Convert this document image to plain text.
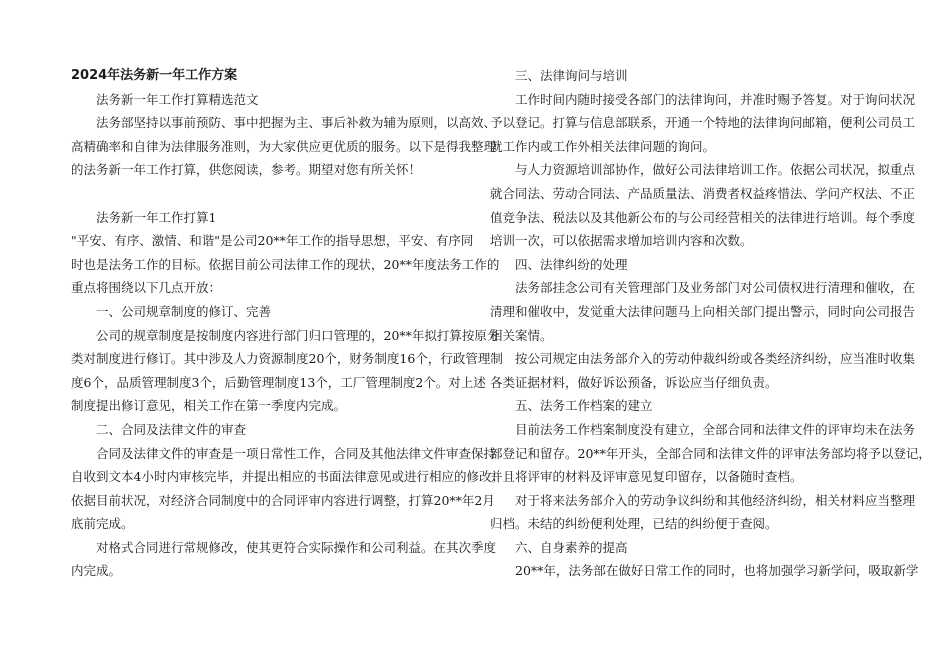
2024年法务新一年工作方案
法务新一年工作打算精选范文
法务部坚持以事前预防、事中把握为主、事后补救为辅为原则，以高效、
高精确率和自律为法律服务准则，为大家供应更优质的服务。以下是得我整理
的法务新一年工作打算，供您阅读，参考。期望对您有所关怀！
法务新一年工作打算1
"平安、有序、激情、和谐"是公司20**年工作的指导思想，平安、有序同
时也是法务工作的目标。依据目前公司法律工作的现状，20**年度法务工作的
重点将围绕以下几点开放：
一、公司规章制度的修订、完善
公司的规章制度是按制度内容进行部门归口管理的，20**年拟打算按原分
类对制度进行修订。其中涉及人力资源制度20个，财务制度16个，行政管理制
度6个，品质管理制度3个，后勤管理制度13个，工厂管理制度2个。对上述
制度提出修订意见，相关工作在第一季度内完成。
二、合同及法律文件的审查
合同及法律文件的审查是一项日常性工作，合同及其他法律文件审查保持
自收到文本4小时内审核完毕，并提出相应的书面法律意见或进行相应的修改；
依据目前状况，对经济合同制度中的合同评审内容进行调整，打算20**年2月
底前完成。
对格式合同进行常规修改，使其更符合实际操作和公司利益。在其次季度
内完成。
三、法律询问与培训
工作时间内随时接受各部门的法律询问，并准时赐予答复。对于询问状况
予以登记。打算与信息部联系，开通一个特地的法律询问邮箱，便利公司员工
就工作内或工作外相关法律问题的询问。
与人力资源培训部协作，做好公司法律培训工作。依据公司状况，拟重点
就合同法、劳动合同法、产品质量法、消费者权益疼惜法、学问产权法、不正
值竞争法、税法以及其他新公布的与公司经营相关的法律进行培训。每个季度
培训一次，可以依据需求增加培训内容和次数。
四、法律纠纷的处理
法务部挂念公司有关管理部门及业务部门对公司债权进行清理和催收，在
清理和催收中，发觉重大法律问题马上向相关部门提出警示，同时向公司报告
相关案情。
按公司规定由法务部介入的劳动仲裁纠纷或各类经济纠纷，应当准时收集
各类证据材料，做好诉讼预备，诉讼应当仔细负责。
五、法务工作档案的建立
目前法务工作档案制度没有建立，全部合同和法律文件的评审均未在法务
部登记和留存。20**年开头，全部合同和法律文件的评审法务部均将予以登记，
并且将评审的材料及评审意见复印留存，以备随时查档。
对于将来法务部介入的劳动争议纠纷和其他经济纠纷，相关材料应当整理
归档。未结的纠纷便利处理，已结的纠纷便于查阅。
六、自身素养的提高
20**年，法务部在做好日常工作的同时，也将加强学习新学问，吸取新学
